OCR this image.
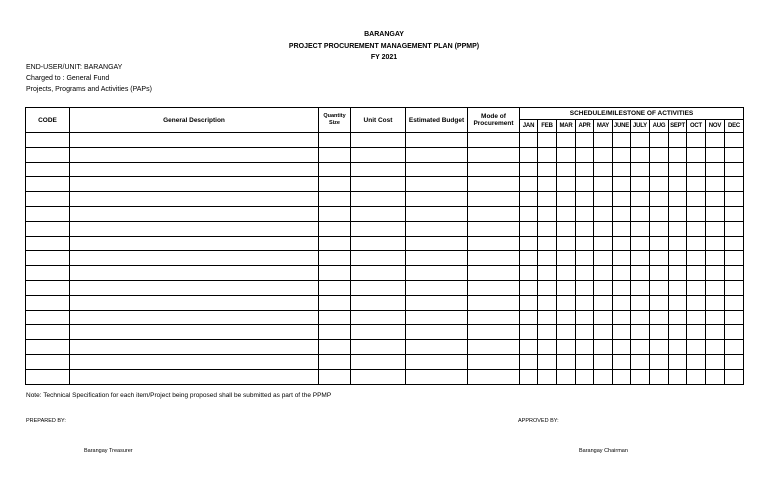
BARANGAY
PROJECT PROCUREMENT MANAGEMENT PLAN (PPMP)
FY 2021
END-USER/UNIT: BARANGAY
Charged to : General Fund
Projects, Programs and Activities (PAPs)
CODE	General Description	Quantity Size	Unit Cost	Estimated Budget	Mode of Procurement	SCHEDULE/MILESTONE OF ACTIVITIES											
						JAN	FEB	MAR	APR	MAY	JUNE	JULY	AUG	SEPT	OCT	NOV	DEC

Note: Technical Specification for each item/Project being proposed shall be submitted as part of the PPMP
PREPARED BY:	APPROVED BY:
Barangay Treasurer	Barangay Chairman
